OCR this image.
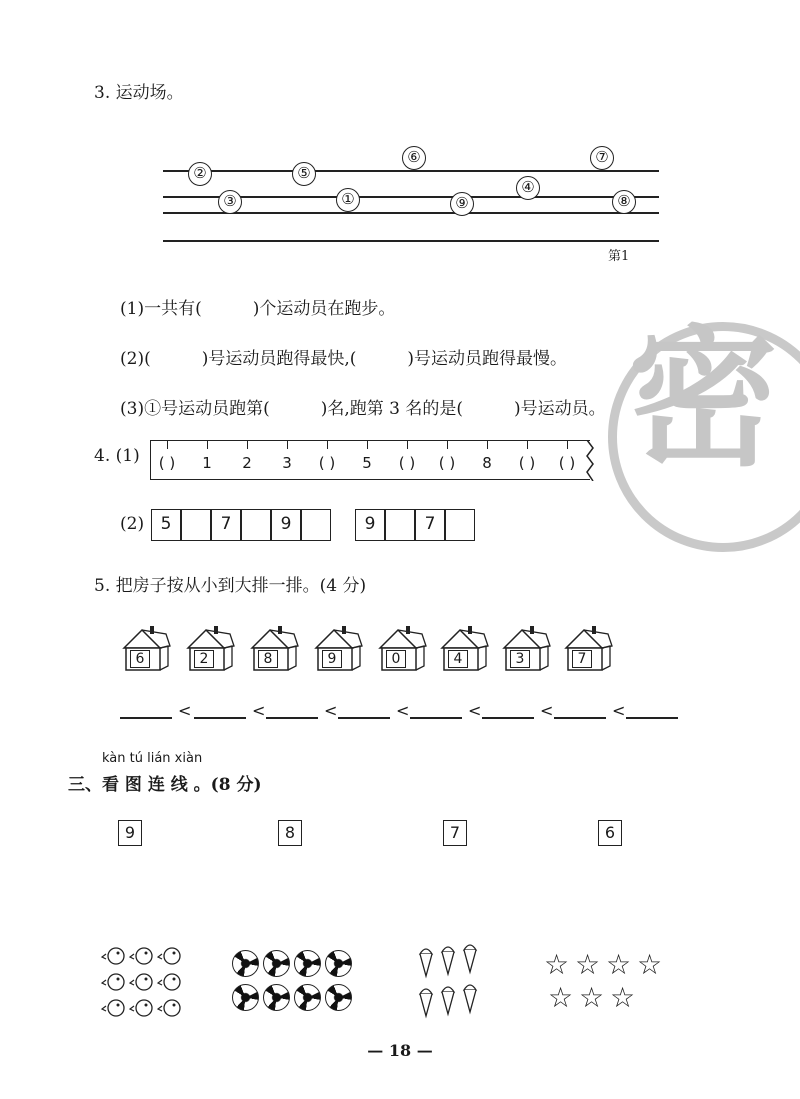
密
3. 运动场。
②
③
⑤
①
⑥
⑨
④
⑦
⑧
第1
(1)一共有(　　　)个运动员在跑步。
(2)(　　　)号运动员跑得最快,(　　　)号运动员跑得最慢。
(3)①号运动员跑第(　　　)名,跑第 3 名的是(　　　)号运动员。
4. (1)	( )	1	2	3	( )	5	( )	( )	8	( )	( )
(2) 5	7	9	9	7
5. 把房子按从小到大排一排。(4 分)
6	2	8	9	0	4	3	7
<	<	<	<	<	<	<
kàn tú lián xiàn
三、看 图 连 线 。(8 分)
9	8	7	6
☆ ☆ ☆ ☆
☆ ☆ ☆
— 18 —
